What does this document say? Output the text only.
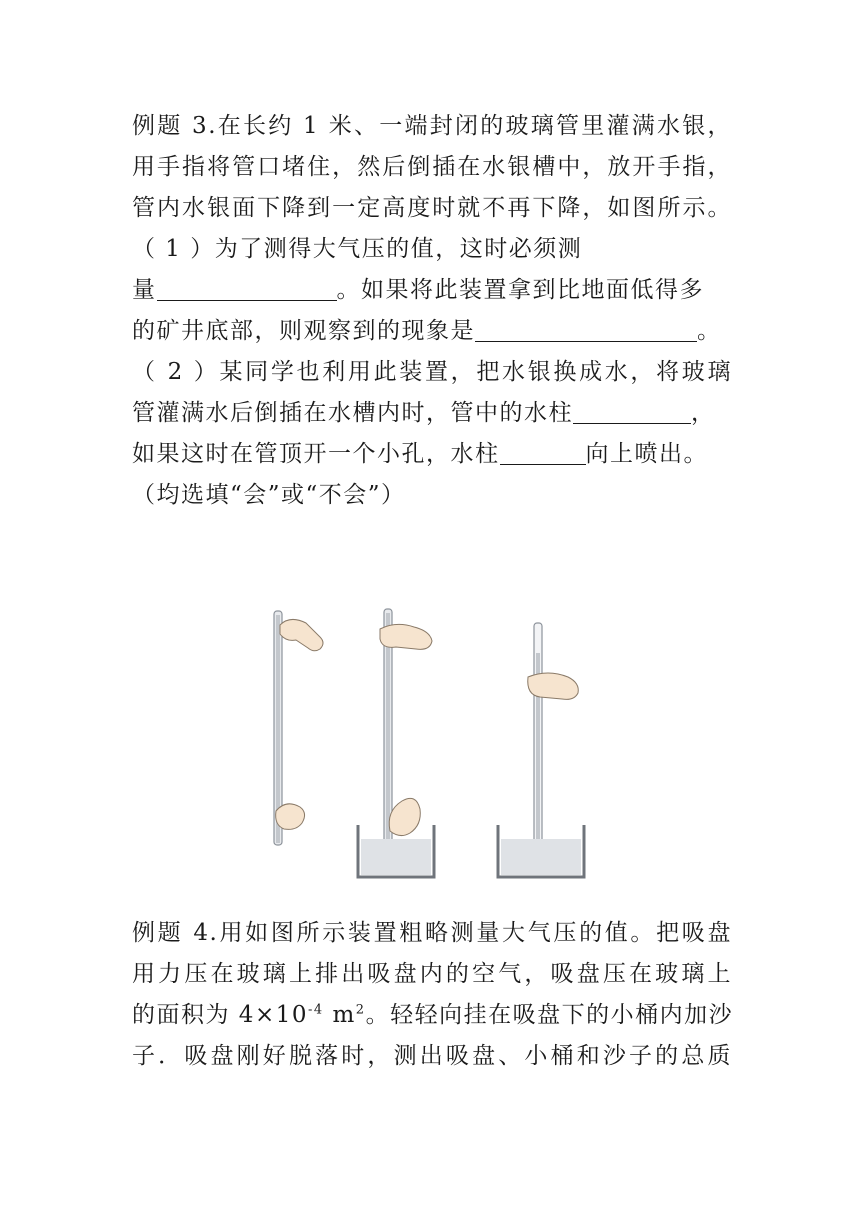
例题 3.在长约 1 米、一端封闭的玻璃管里灌满水银，
用手指将管口堵住，然后倒插在水银槽中，放开手指，
管内水银面下降到一定高度时就不再下降，如图所示。
（ 1 ）为了测得大气压的值，这时必须测
量	。如果将此装置拿到比地面低得多
的矿井底部，则观察到的现象是	。
（ 2 ）某同学也利用此装置，把水银换成水，将玻璃
管灌满水后倒插在水槽内时，管中的水柱	，
如果这时在管顶开一个小孔，水柱	向上喷出。
（均选填“会”或“不会”）
例题 4.用如图所示装置粗略测量大气压的值。把吸盘
用力压在玻璃上排出吸盘内的空气，吸盘压在玻璃上
的面积为 $4\times 10^{-4}$ $m^2$。轻轻向挂在吸盘下的小桶内加沙
子．吸盘刚好脱落时，测出吸盘、小桶和沙子的总质
